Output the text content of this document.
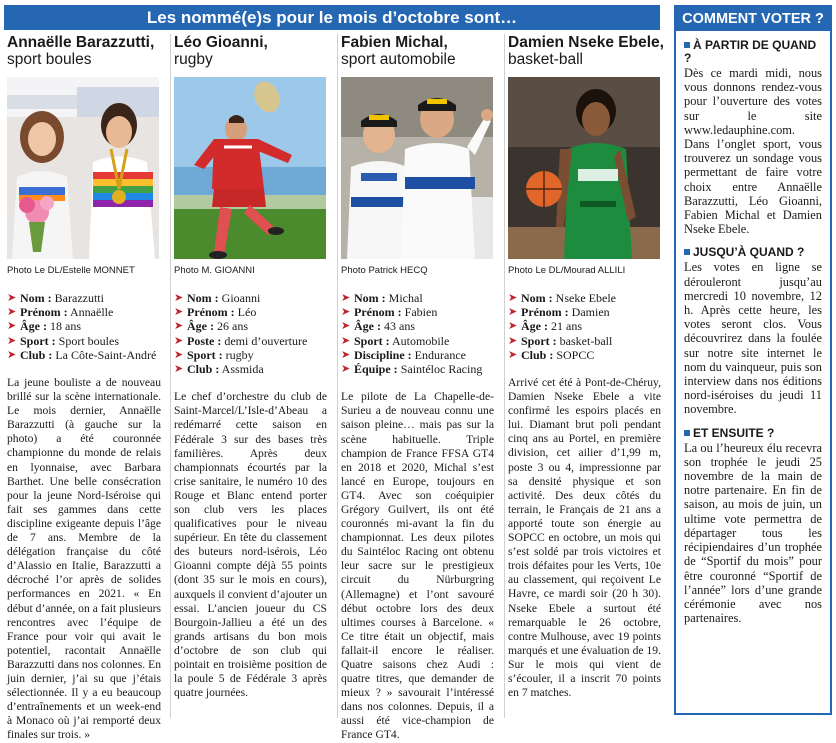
Les nommé(e)s pour le mois d’octobre sont…
Annaëlle Barazzutti,
sport boules
Photo Le DL/Estelle MONNET
➤ Nom : Barazzutti
➤ Prénom : Annaëlle
➤ Âge : 18 ans
➤ Sport : Sport boules
➤ Club : La Côte-Saint-André
La jeune bouliste a de nouveau brillé sur la scène internationale. Le mois dernier, Annaëlle Barazzutti (à gauche sur la photo) a été couronnée championne du monde de relais en lyonnaise, avec Barbara Barthet. Une belle consécration pour la jeune Nord-Iséroise qui fait ses gammes dans cette discipline exigeante depuis l’âge de 7 ans. Membre de la délégation française du côté d’Alassio en Italie, Barazzutti a décroché l’or après de solides performances en 2021. « En début d’année, on a fait plusieurs rencontres avec l’équipe de France pour voir qui avait le potentiel, racontait Annaëlle Barazzutti dans nos colonnes. En juin dernier, j’ai su que j’étais sélectionnée. Il y a eu beaucoup d’entraînements et un week-end à Monaco où j’ai remporté deux finales sur trois. »
Léo Gioanni,
rugby
Photo M. GIOANNI
➤ Nom : Gioanni
➤ Prénom : Léo
➤ Âge : 26 ans
➤ Poste : demi d’ouverture
➤ Sport : rugby
➤ Club : Assmida
Le chef d’orchestre du club de Saint-Marcel/L’Isle-d’Abeau a redémarré cette saison en Fédérale 3 sur des bases très familières. Après deux championnats écourtés par la crise sanitaire, le numéro 10 des Rouge et Blanc entend porter son club vers les places qualificatives pour le niveau supérieur. En tête du classement des buteurs nord-isérois, Léo Gioanni compte déjà 55 points (dont 35 sur le mois en cours), auxquels il convient d’ajouter un essai. L’ancien joueur du CS Bourgoin-Jallieu a été un des grands artisans du bon mois d’octobre de son club qui pointait en troisième position de la poule 5 de Fédérale 3 après quatre journées.
Fabien Michal,
sport automobile
Photo Patrick HECQ
➤ Nom : Michal
➤ Prénom : Fabien
➤ Âge : 43 ans
➤ Sport : Automobile
➤ Discipline : Endurance
➤ Équipe : Saintéloc Racing
Le pilote de La Chapelle-de-Surieu a de nouveau connu une saison pleine… mais pas sur la scène habituelle. Triple champion de France FFSA GT4 en 2018 et 2020, Michal s’est lancé en Europe, toujours en GT4. Avec son coéquipier Grégory Guilvert, ils ont été couronnés mi-avant la fin du championnat. Les deux pilotes du Saintéloc Racing ont obtenu leur sacre sur le prestigieux circuit du Nürburgring (Allemagne) et l’ont savouré début octobre lors des deux ultimes courses à Barcelone. « Ce titre était un objectif, mais fallait-il encore le réaliser. Quatre saisons chez Audi : quatre titres, que demander de mieux ? » savourait l’intéressé dans nos colonnes. Depuis, il a aussi été vice-champion de France GT4.
Damien Nseke Ebele,
basket-ball
Photo Le DL/Mourad ALLILI
➤ Nom : Nseke Ebele
➤ Prénom : Damien
➤ Âge : 21 ans
➤ Sport : basket-ball
➤ Club : SOPCC
Arrivé cet été à Pont-de-Chéruy, Damien Nseke Ebele a vite confirmé les espoirs placés en lui. Diamant brut poli pendant cinq ans au Portel, en première division, cet ailier d’1,99 m, poste 3 ou 4, impressionne par sa densité physique et son activité. Des deux côtés du terrain, le Français de 21 ans a apporté toute son énergie au SOPCC en octobre, un mois qui s’est soldé par trois victoires et trois défaites pour les Verts, 10e au classement, qui reçoivent Le Havre, ce mardi soir (20 h 30). Nseke Ebele a surtout été remarquable le 26 octobre, contre Mulhouse, avec 19 points marqués et une évaluation de 19. Sur le mois qui vient de s’écouler, il a inscrit 70 points en 7 matches.
COMMENT VOTER ?
À PARTIR DE QUAND ?
Dès ce mardi midi, nous vous donnons rendez-vous pour l’ouverture des votes sur le site www.ledauphine.com. Dans l’onglet sport, vous trouverez un sondage vous permettant de faire votre choix entre Annaëlle Barazzutti, Léo Gioanni, Fabien Michal et Damien Nseke Ebele.
JUSQU’À QUAND ?
Les votes en ligne se dérouleront jusqu’au mercredi 10 novembre, 12 h. Après cette heure, les votes seront clos. Vous découvrirez dans la foulée sur notre site internet le nom du vainqueur, puis son interview dans nos éditions nord-iséroises du jeudi 11 novembre.
ET ENSUITE ?
La ou l’heureux élu recevra son trophée le jeudi 25 novembre de la main de notre partenaire. En fin de saison, au mois de juin, un ultime vote permettra de départager tous les récipiendaires d’un trophée de “Sportif du mois” pour être couronné “Sportif de l’année” lors d’une grande cérémonie avec nos partenaires.
